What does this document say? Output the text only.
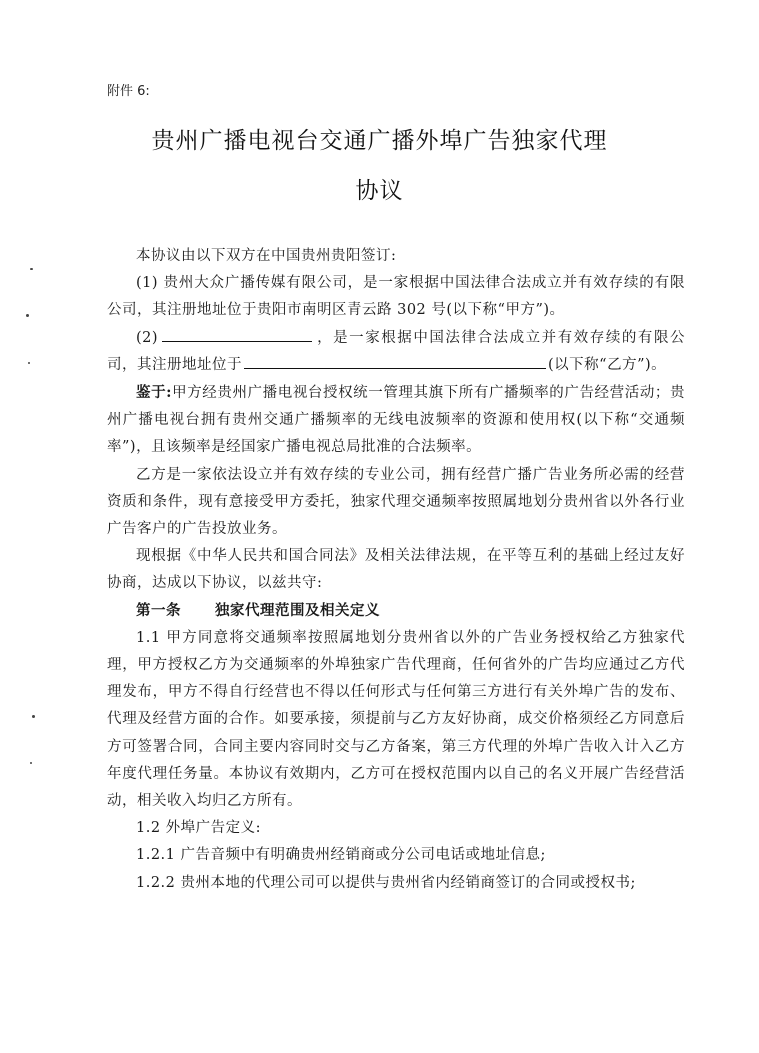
附件 6:
贵州广播电视台交通广播外埠广告独家代理
协议

本协议由以下双方在中国贵州贵阳签订:

(1) 贵州大众广播传媒有限公司，是一家根据中国法律合法成立并有效存续的有限公司，其注册地址位于贵阳市南明区青云路 302 号(以下称“甲方”)。

(2)	，是一家根据中国法律合法成立并有效存续的有限公司，其注册地址位于	(以下称“乙方”)。

鉴于:甲方经贵州广播电视台授权统一管理其旗下所有广播频率的广告经营活动；贵州广播电视台拥有贵州交通广播频率的无线电波频率的资源和使用权(以下称“交通频率”)，且该频率是经国家广播电视总局批准的合法频率。

乙方是一家依法设立并有效存续的专业公司，拥有经营广播广告业务所必需的经营资质和条件，现有意接受甲方委托，独家代理交通频率按照属地划分贵州省以外各行业广告客户的广告投放业务。

现根据《中华人民共和国合同法》及相关法律法规，在平等互利的基础上经过友好协商，达成以下协议，以兹共守:

第一条 独家代理范围及相关定义

1.1 甲方同意将交通频率按照属地划分贵州省以外的广告业务授权给乙方独家代理，甲方授权乙方为交通频率的外埠独家广告代理商，任何省外的广告均应通过乙方代理发布，甲方不得自行经营也不得以任何形式与任何第三方进行有关外埠广告的发布、代理及经营方面的合作。如要承接，须提前与乙方友好协商，成交价格须经乙方同意后方可签署合同，合同主要内容同时交与乙方备案，第三方代理的外埠广告收入计入乙方年度代理任务量。本协议有效期内，乙方可在授权范围内以自己的名义开展广告经营活动，相关收入均归乙方所有。

1.2 外埠广告定义:

1.2.1 广告音频中有明确贵州经销商或分公司电话或地址信息;

1.2.2 贵州本地的代理公司可以提供与贵州省内经销商签订的合同或授权书;
